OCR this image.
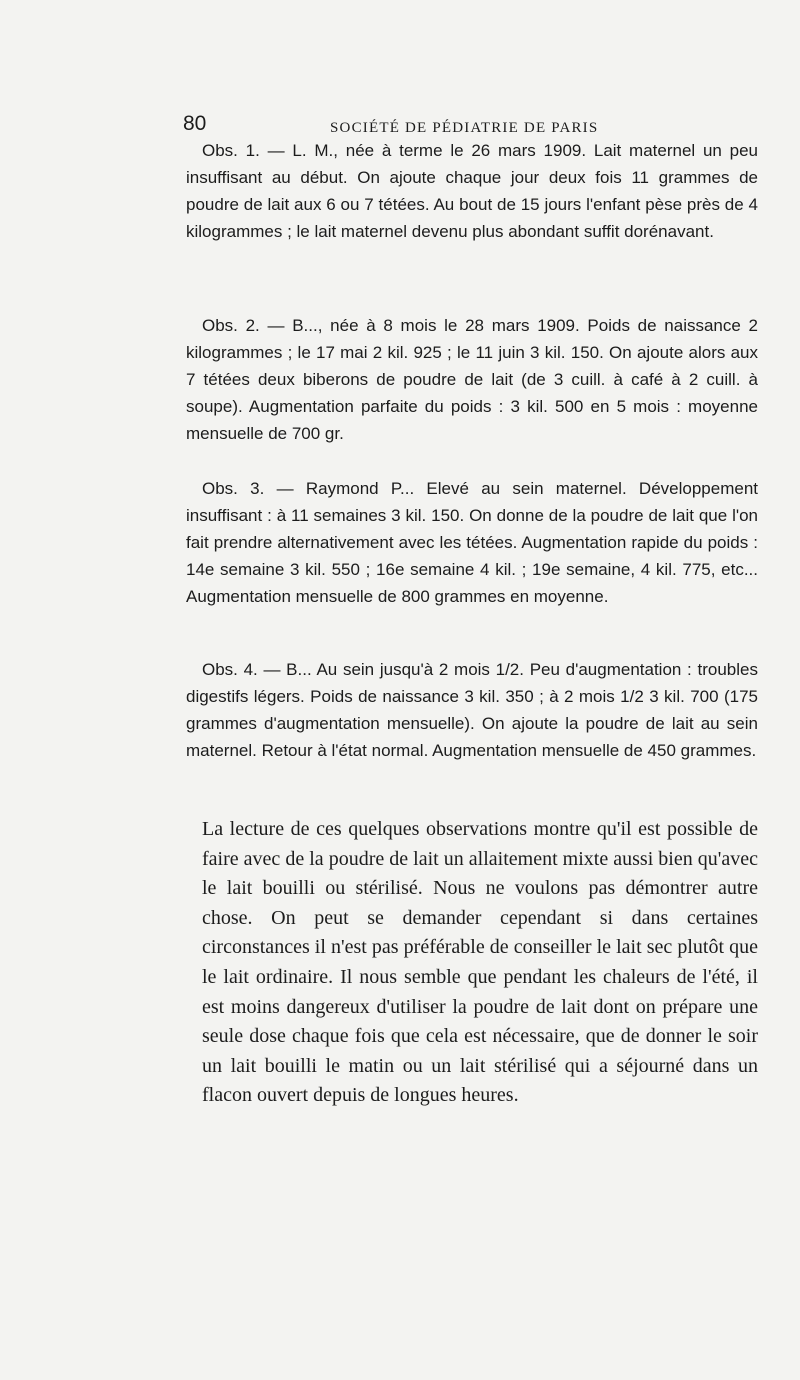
80	SOCIÉTÉ DE PÉDIATRIE DE PARIS

Obs. 1. — L. M., née à terme le 26 mars 1909. Lait maternel un peu insuffisant au début. On ajoute chaque jour deux fois 11 grammes de poudre de lait aux 6 ou 7 tétées. Au bout de 15 jours l'enfant pèse près de 4 kilogrammes ; le lait maternel devenu plus abondant suffit dorénavant.

Obs. 2. — B..., née à 8 mois le 28 mars 1909. Poids de naissance 2 kilogrammes ; le 17 mai 2 kil. 925 ; le 11 juin 3 kil. 150. On ajoute alors aux 7 tétées deux biberons de poudre de lait (de 3 cuill. à café à 2 cuill. à soupe). Augmentation parfaite du poids : 3 kil. 500 en 5 mois : moyenne mensuelle de 700 gr.

Obs. 3. — Raymond P... Elevé au sein maternel. Développement insuffisant : à 11 semaines 3 kil. 150. On donne de la poudre de lait que l'on fait prendre alternativement avec les tétées. Augmentation rapide du poids : 14e semaine 3 kil. 550 ; 16e semaine 4 kil. ; 19e semaine, 4 kil. 775, etc... Augmentation mensuelle de 800 grammes en moyenne.

Obs. 4. — B... Au sein jusqu'à 2 mois 1/2. Peu d'augmentation : troubles digestifs légers. Poids de naissance 3 kil. 350 ; à 2 mois 1/2 3 kil. 700 (175 grammes d'augmentation mensuelle). On ajoute la poudre de lait au sein maternel. Retour à l'état normal. Augmentation mensuelle de 450 grammes.

La lecture de ces quelques observations montre qu'il est possible de faire avec de la poudre de lait un allaitement mixte aussi bien qu'avec le lait bouilli ou stérilisé. Nous ne voulons pas démontrer autre chose. On peut se demander cependant si dans certaines circonstances il n'est pas préférable de conseiller le lait sec plutôt que le lait ordinaire. Il nous semble que pendant les chaleurs de l'été, il est moins dangereux d'utiliser la poudre de lait dont on prépare une seule dose chaque fois que cela est nécessaire, que de donner le soir un lait bouilli le matin ou un lait stérilisé qui a séjourné dans un flacon ouvert depuis de longues heures.
